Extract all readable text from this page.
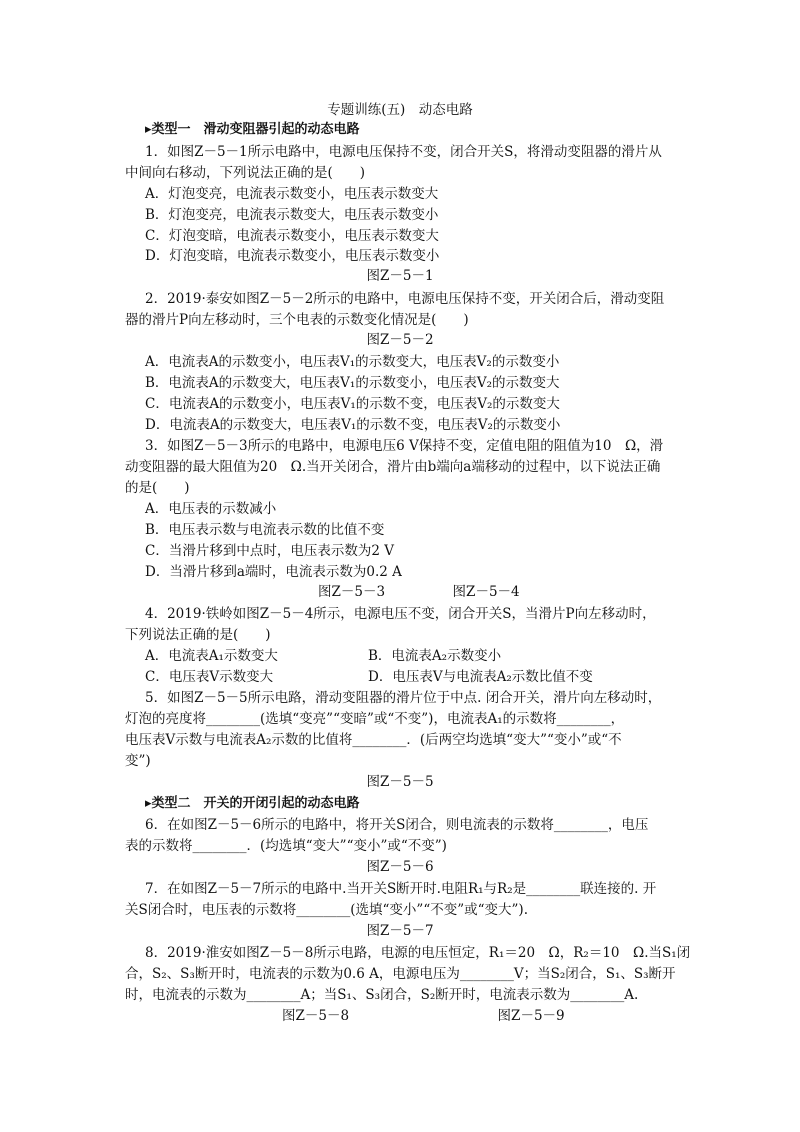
专题训练(五)　动态电路
▸类型一　滑动变阻器引起的动态电路
1．如图Z－5－1所示电路中，电源电压保持不变，闭合开关S，将滑动变阻器的滑片从
中间向右移动，下列说法正确的是(　　)
A．灯泡变亮，电流表示数变小，电压表示数变大
B．灯泡变亮，电流表示数变大，电压表示数变小
C．灯泡变暗，电流表示数变小，电压表示数变大
D．灯泡变暗，电流表示数变小，电压表示数变小
图Z－5－1
2．2019·泰安如图Z－5－2所示的电路中，电源电压保持不变，开关闭合后，滑动变阻
器的滑片P向左移动时，三个电表的示数变化情况是(　　)
图Z－5－2
A．电流表A的示数变小，电压表V₁的示数变大，电压表V₂的示数变小
B．电流表A的示数变大，电压表V₁的示数变小，电压表V₂的示数变大
C．电流表A的示数变小，电压表V₁的示数不变，电压表V₂的示数变大
D．电流表A的示数变大，电压表V₁的示数不变，电压表V₂的示数变小
3．如图Z－5－3所示的电路中，电源电压6 V保持不变，定值电阻的阻值为10　Ω，滑
动变阻器的最大阻值为20　Ω.当开关闭合，滑片由b端向a端移动的过程中，以下说法正确
的是(　　)
A．电压表的示数减小
B．电压表示数与电流表示数的比值不变
C．当滑片移到中点时，电压表示数为2 V
D．当滑片移到a端时，电流表示数为0.2 A
图Z－5－3　　　　　图Z－5－4
4．2019·铁岭如图Z－5－4所示，电源电压不变，闭合开关S，当滑片P向左移动时，
下列说法正确的是(　　)
A．电流表A₁示数变大	B．电流表A₂示数变小
C．电压表V示数变大	D．电压表V与电流表A₂示数比值不变
5．如图Z－5－5所示电路，滑动变阻器的滑片位于中点. 闭合开关，滑片向左移动时，
灯泡的亮度将________(选填“变亮”“变暗”或“不变”)，电流表A₁的示数将________，
电压表V示数与电流表A₂示数的比值将________．(后两空均选填“变大”“变小”或“不
变”)
图Z－5－5
▸类型二　开关的开闭引起的动态电路
6．在如图Z－5－6所示的电路中，将开关S闭合，则电流表的示数将________，电压
表的示数将________．(均选填“变大”“变小”或“不变”)
图Z－5－6
7．在如图Z－5－7所示的电路中.当开关S断开时.电阻R₁与R₂是________联连接的. 开
关S闭合时，电压表的示数将________(选填“变小”“不变”或“变大”).
图Z－5－7
8．2019·淮安如图Z－5－8所示电路，电源的电压恒定，R₁＝20　Ω，R₂＝10　Ω.当S₁闭
合，S₂、S₃断开时，电流表的示数为0.6 A，电源电压为________V；当S₂闭合，S₁、S₃断开
时，电流表的示数为________A；当S₁、S₃闭合，S₂断开时，电流表示数为________A.
图Z－5－8　　　　　　　　　　　图Z－5－9
